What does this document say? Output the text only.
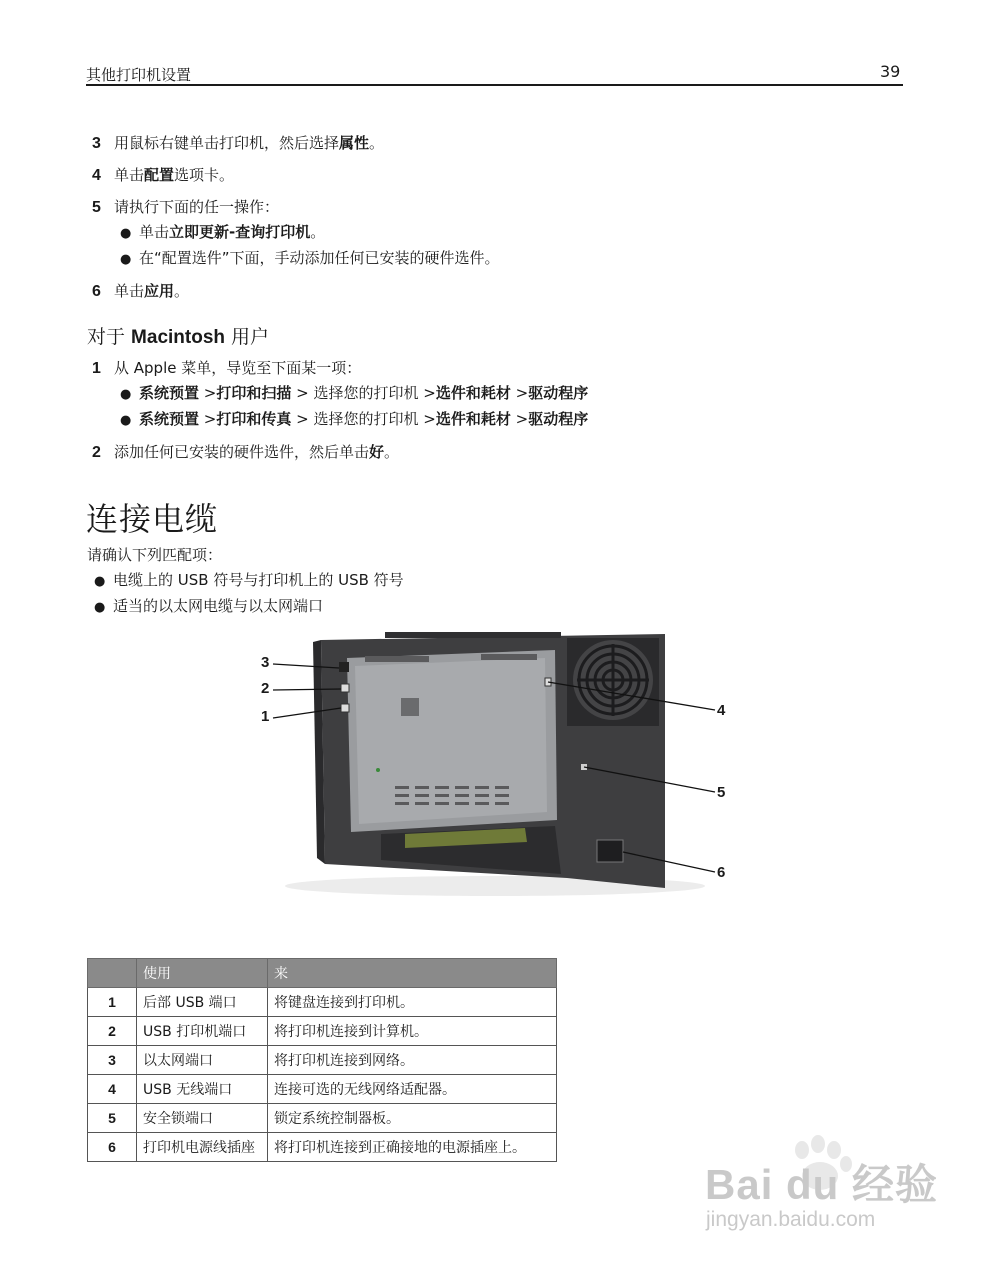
其他打印机设置	39
3 用鼠标右键单击打印机，然后选择属性。
4 单击配置选项卡。
5 请执行下面的任一操作：
● 单击立即更新-查询打印机。
● 在“配置选件”下面，手动添加任何已安装的硬件选件。
6 单击应用。
对于 Macintosh 用户
1 从 Apple 菜单，导览至下面某一项：
● 系统预置 >打印和扫描 > 选择您的打印机 >选件和耗材 >驱动程序
● 系统预置 >打印和传真 > 选择您的打印机 >选件和耗材 >驱动程序
2 添加任何已安装的硬件选件，然后单击好。
连接电缆
请确认下列匹配项：
● 电缆上的 USB 符号与打印机上的 USB 符号
● 适当的以太网电缆与以太网端口
3
2
1	4
5
6
	使用	来
1	后部 USB 端口	将键盘连接到打印机。
2	USB 打印机端口	将打印机连接到计算机。
3	以太网端口	将打印机连接到网络。
4	USB 无线端口	连接可选的无线网络适配器。
5	安全锁端口	锁定系统控制器板。
6	打印机电源线插座	将打印机连接到正确接地的电源插座上。
Bai du 经验
jingyan.baidu.com
